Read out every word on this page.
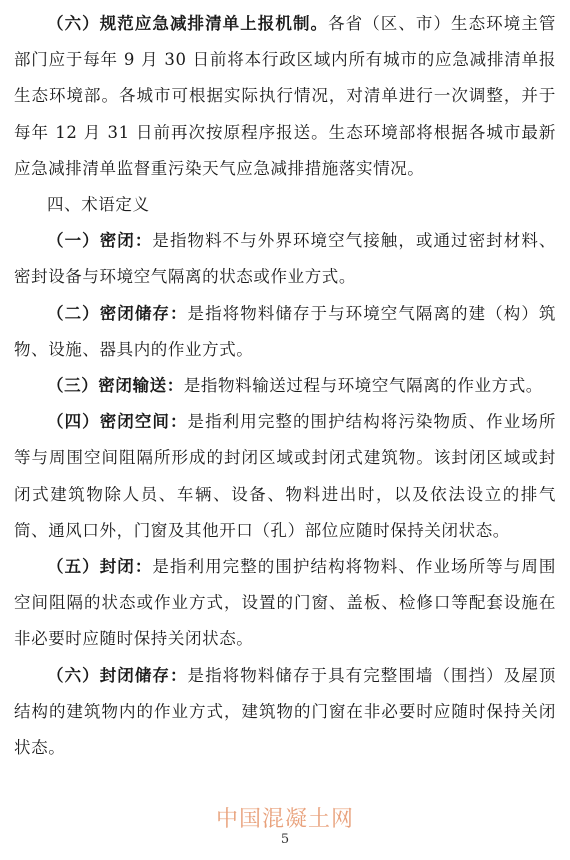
（六）规范应急减排清单上报机制。各省（区、市）生态环境主管部门应于每年 9 月 30 日前将本行政区域内所有城市的应急减排清单报生态环境部。各城市可根据实际执行情况，对清单进行一次调整，并于每年 12 月 31 日前再次按原程序报送。生态环境部将根据各城市最新应急减排清单监督重污染天气应急减排措施落实情况。

四、术语定义

（一）密闭：是指物料不与外界环境空气接触，或通过密封材料、密封设备与环境空气隔离的状态或作业方式。

（二）密闭储存：是指将物料储存于与环境空气隔离的建（构）筑物、设施、器具内的作业方式。

（三）密闭输送：是指物料输送过程与环境空气隔离的作业方式。

（四）密闭空间：是指利用完整的围护结构将污染物质、作业场所等与周围空间阻隔所形成的封闭区域或封闭式建筑物。该封闭区域或封闭式建筑物除人员、车辆、设备、物料进出时，以及依法设立的排气筒、通风口外，门窗及其他开口（孔）部位应随时保持关闭状态。

（五）封闭：是指利用完整的围护结构将物料、作业场所等与周围空间阻隔的状态或作业方式，设置的门窗、盖板、检修口等配套设施在非必要时应随时保持关闭状态。

（六）封闭储存：是指将物料储存于具有完整围墙（围挡）及屋顶结构的建筑物内的作业方式，建筑物的门窗在非必要时应随时保持关闭状态。

中国混凝土网
5
